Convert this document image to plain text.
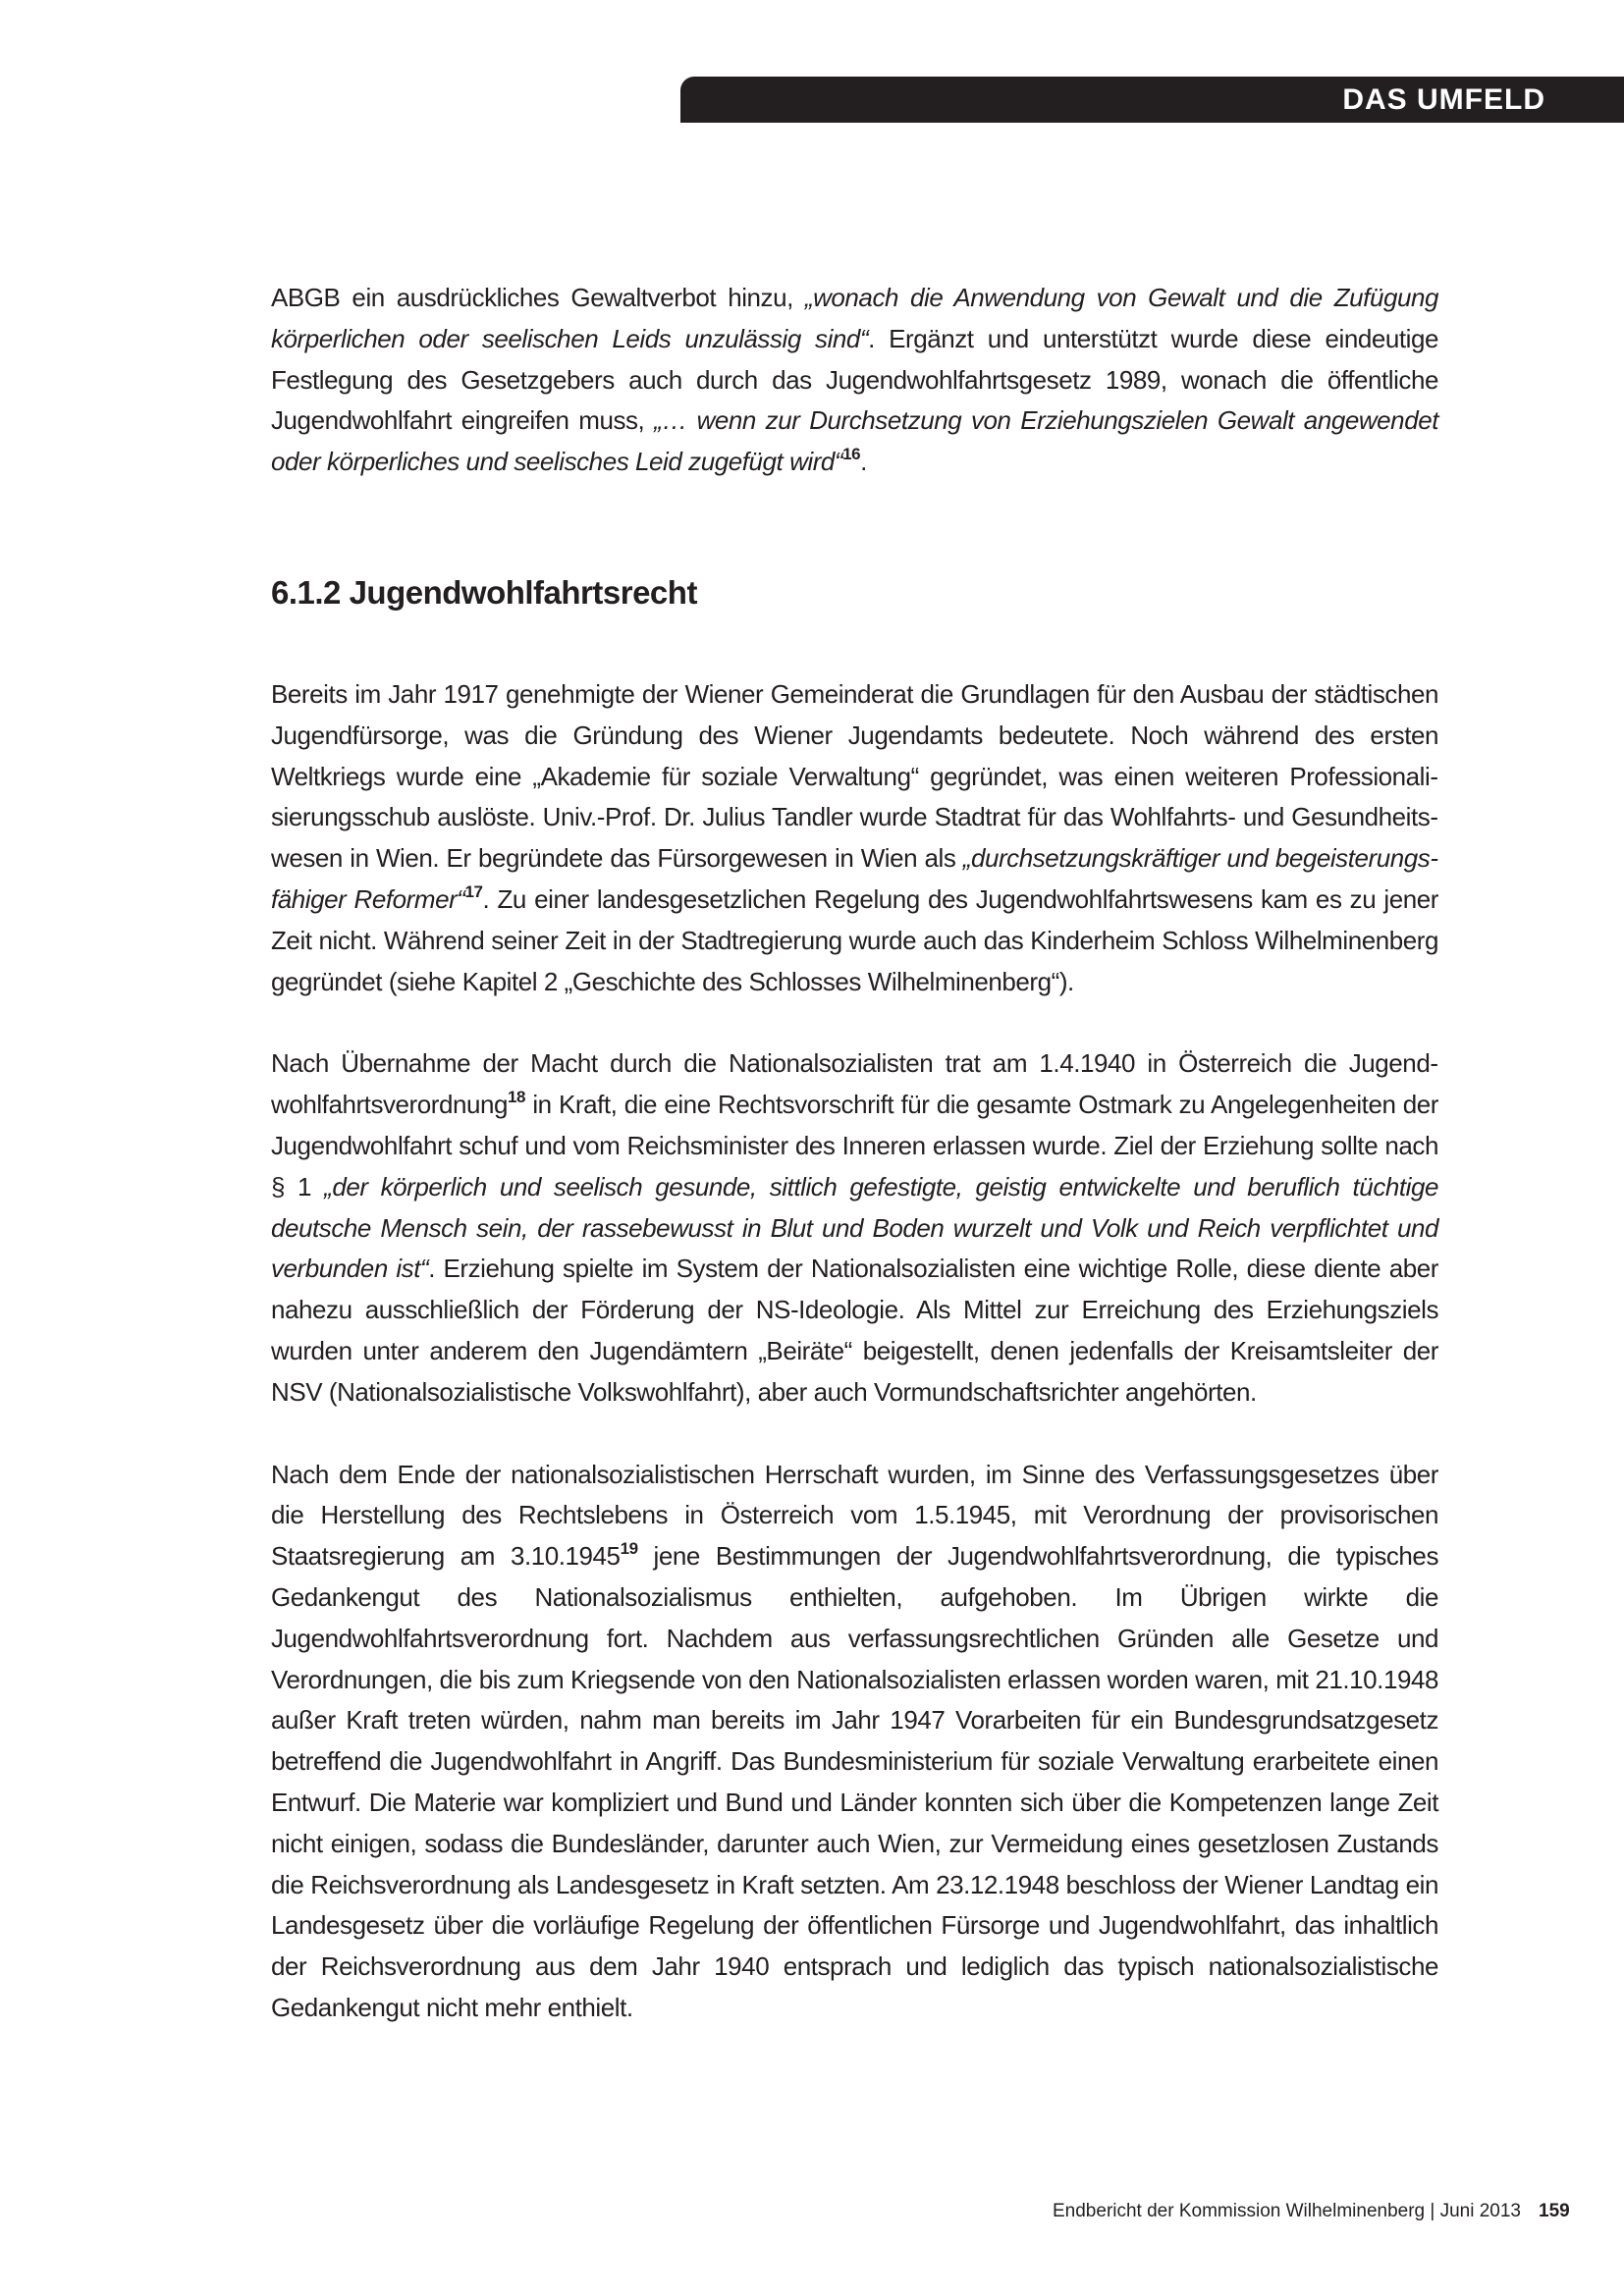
DAS UMFELD

ABGB ein ausdrückliches Gewaltverbot hinzu, „wonach die Anwendung von Gewalt und die Zufügung körperlichen oder seelischen Leids unzulässig sind“. Ergänzt und unterstützt wurde diese eindeutige Festlegung des Gesetzgebers auch durch das Jugendwohlfahrtsgesetz 1989, wonach die öffentliche Jugendwohlfahrt eingreifen muss, „… wenn zur Durchsetzung von Erziehungszielen Gewalt angewendet oder körperliches und seelisches Leid zugefügt wird“$^{16}$.

6.1.2 Jugendwohlfahrtsrecht

Bereits im Jahr 1917 genehmigte der Wiener Gemeinderat die Grundlagen für den Ausbau der städtischen Jugendfürsorge, was die Gründung des Wiener Jugendamts bedeutete. Noch während des ersten Weltkriegs wurde eine „Akademie für soziale Verwaltung“ gegründet, was einen weiteren Professionalisierungsschub auslöste. Univ.-Prof. Dr. Julius Tandler wurde Stadtrat für das Wohlfahrts- und Gesundheitswesen in Wien. Er begründete das Fürsorgewesen in Wien als „durchsetzungskräftiger und begeisterungsfähiger Reformer“$^{17}$. Zu einer landesgesetzlichen Regelung des Jugendwohlfahrtswesens kam es zu jener Zeit nicht. Während seiner Zeit in der Stadtregierung wurde auch das Kinderheim Schloss Wilhelminenberg gegründet (siehe Kapitel 2 „Geschichte des Schlosses Wilhelminenberg“).

Nach Übernahme der Macht durch die Nationalsozialisten trat am 1.4.1940 in Österreich die Jugendwohlfahrtsverordnung$^{18}$ in Kraft, die eine Rechtsvorschrift für die gesamte Ostmark zu Angelegenheiten der Jugendwohlfahrt schuf und vom Reichsminister des Inneren erlassen wurde. Ziel der Erziehung sollte nach § 1 „der körperlich und seelisch gesunde, sittlich gefestigte, geistig entwickelte und beruflich tüchtige deutsche Mensch sein, der rassebewusst in Blut und Boden wurzelt und Volk und Reich verpflichtet und verbunden ist“. Erziehung spielte im System der Nationalsozialisten eine wichtige Rolle, diese diente aber nahezu ausschließlich der Förderung der NS-Ideologie. Als Mittel zur Erreichung des Erziehungsziels wurden unter anderem den Jugendämtern „Beiräte“ beigestellt, denen jedenfalls der Kreisamtsleiter der NSV (Nationalsozialistische Volkswohlfahrt), aber auch Vormundschaftsrichter angehörten.

Nach dem Ende der nationalsozialistischen Herrschaft wurden, im Sinne des Verfassungsgesetzes über die Herstellung des Rechtslebens in Österreich vom 1.5.1945, mit Verordnung der provisorischen Staatsregierung am 3.10.1945$^{19}$ jene Bestimmungen der Jugendwohlfahrtsverordnung, die typisches Gedankengut des Nationalsozialismus enthielten, aufgehoben. Im Übrigen wirkte die Jugendwohlfahrtsverordnung fort. Nachdem aus verfassungsrechtlichen Gründen alle Gesetze und Verordnungen, die bis zum Kriegsende von den Nationalsozialisten erlassen worden waren, mit 21.10.1948 außer Kraft treten würden, nahm man bereits im Jahr 1947 Vorarbeiten für ein Bundesgrundsatzgesetz betreffend die Jugendwohlfahrt in Angriff. Das Bundesministerium für soziale Verwaltung erarbeitete einen Entwurf. Die Materie war kompliziert und Bund und Länder konnten sich über die Kompetenzen lange Zeit nicht einigen, sodass die Bundesländer, darunter auch Wien, zur Vermeidung eines gesetzlosen Zustands die Reichsverordnung als Landesgesetz in Kraft setzten. Am 23.12.1948 beschloss der Wiener Landtag ein Landesgesetz über die vorläufige Regelung der öffentlichen Fürsorge und Jugendwohlfahrt, das inhaltlich der Reichsverordnung aus dem Jahr 1940 entsprach und lediglich das typisch nationalsozialistische Gedankengut nicht mehr enthielt.

Endbericht der Kommission Wilhelminenberg | Juni 2013 159
